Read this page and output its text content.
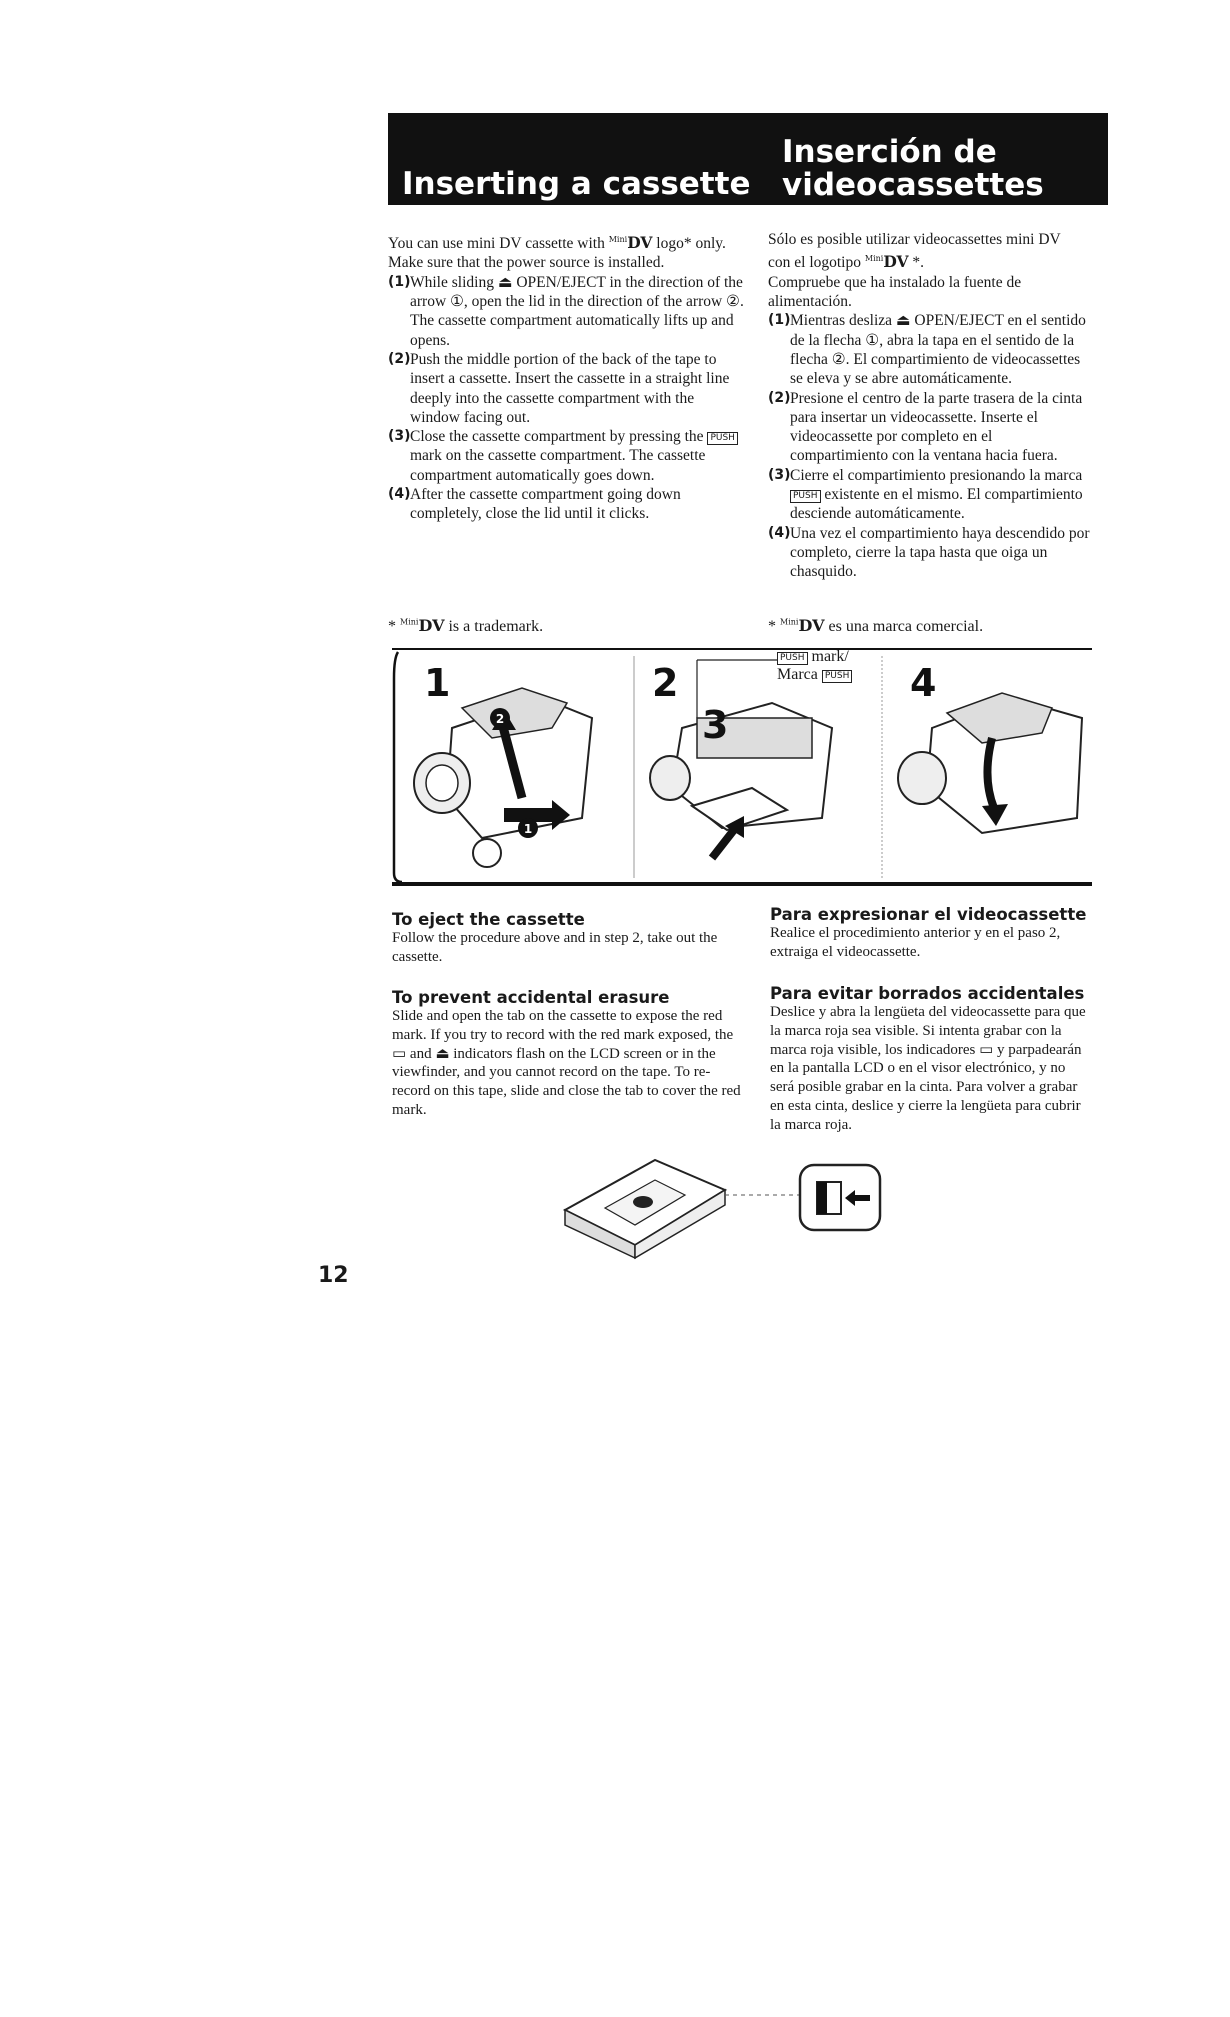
Inserting a cassette
Inserción de
videocassettes

You can use mini DV cassette with $^{Mini}$DV logo* only.

Make sure that the power source is installed.

(1) While sliding ⏏ OPEN/EJECT in the direction of the arrow ①, open the lid in the direction of the arrow ②. The cassette compartment automatically lifts up and opens.

(2) Push the middle portion of the back of the tape to insert a cassette. Insert the cassette in a straight line deeply into the cassette compartment with the window facing out.

(3) Close the cassette compartment by pressing the PUSH mark on the cassette compartment. The cassette compartment automatically goes down.

(4) After the cassette compartment going down completely, close the lid until it clicks.

Sólo es posible utilizar videocassettes mini DV

con el logotipo $^{Mini}$DV *.

Compruebe que ha instalado la fuente de alimentación.

(1) Mientras desliza ⏏ OPEN/EJECT en el sentido de la flecha ①, abra la tapa en el sentido de la flecha ②. El compartimiento de videocassettes se eleva y se abre automáticamente.

(2) Presione el centro de la parte trasera de la cinta para insertar un videocassette. Inserte el videocassette por completo en el compartimiento con la ventana hacia fuera.

(3) Cierre el compartimiento presionando la marca PUSH existente en el mismo. El compartimiento desciende automáticamente.

(4) Una vez el compartimiento haya descendido por completo, cierre la tapa hasta que oiga un chasquido.

* $^{Mini}$DV is a trademark.	* $^{Mini}$DV es una marca comercial.
2
1
1	2
3
4
PUSH mark/
Marca PUSH
To eject the cassette
Follow the procedure above and in step 2, take out the cassette.
To prevent accidental erasure
Slide and open the tab on the cassette to expose the red mark. If you try to record with the red mark exposed, the ▭ and ⏏ indicators flash on the LCD screen or in the viewfinder, and you cannot record on the tape. To re-record on this tape, slide and close the tab to cover the red mark.
Para expresionar el videocassette
Realice el procedimiento anterior y en el paso 2, extraiga el videocassette.
Para evitar borrados accidentales
Deslice y abra la lengüeta del videocassette para que la marca roja sea visible. Si intenta grabar con la marca roja visible, los indicadores ▭ y parpadearán en la pantalla LCD o en el visor electrónico, y no será posible grabar en la cinta. Para volver a grabar en esta cinta, deslice y cierre la lengüeta para cubrir la marca roja.
12
